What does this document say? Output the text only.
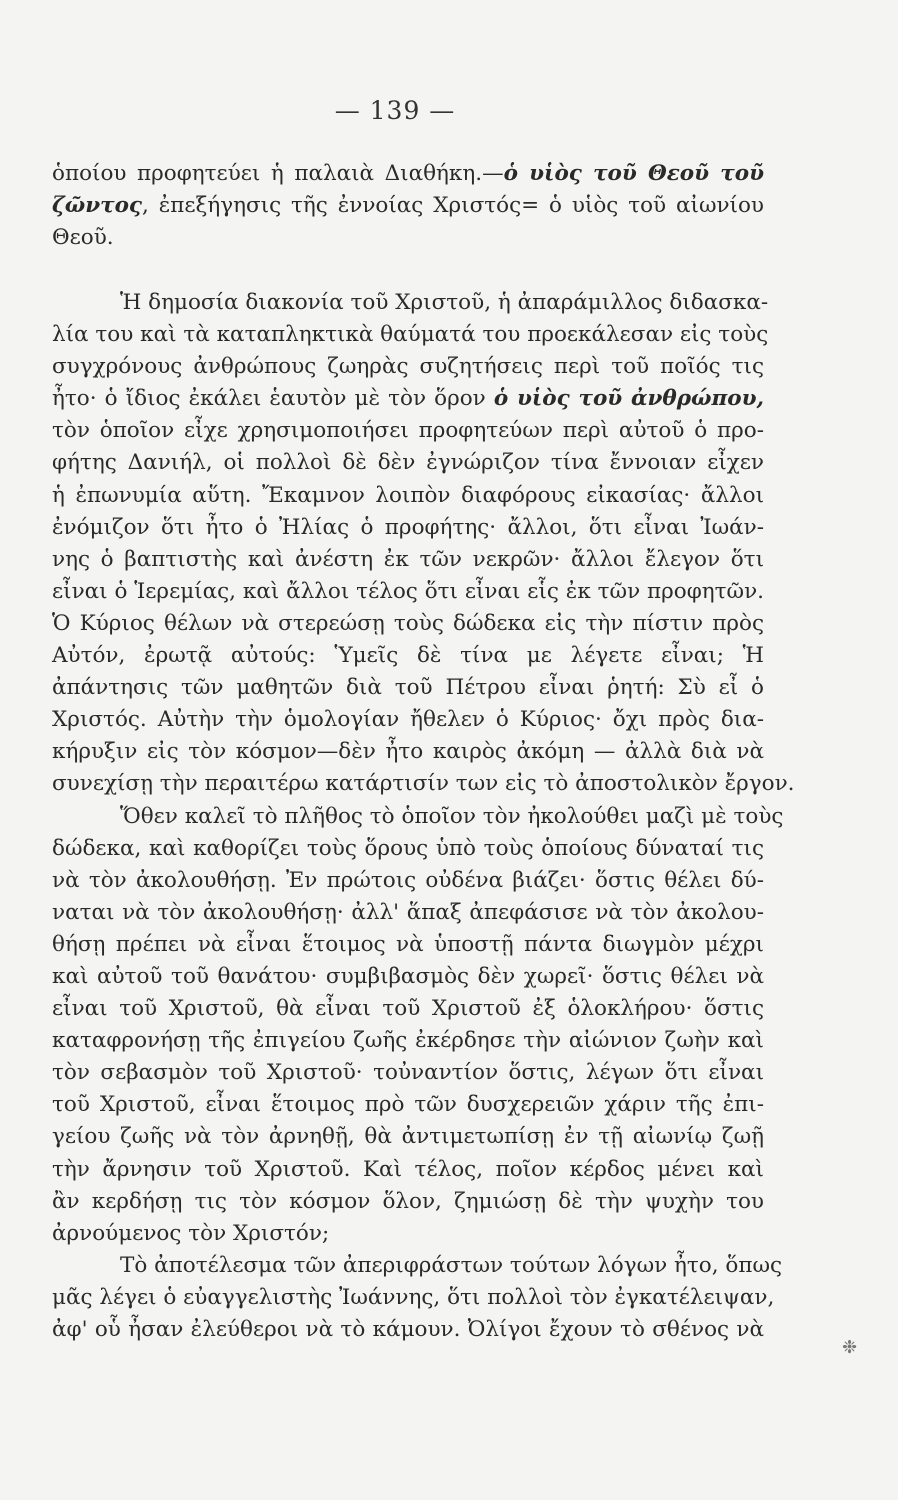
— 139 —
ὁποίου προφητεύει ἡ παλαιὰ Διαθήκη.—ὁ υἱὸς τοῦ Θεοῦ τοῦ
ζῶντος, ἐπεξήγησις τῆς ἐννοίας Χριστός= ὁ υἱὸς τοῦ αἰωνίου
Θεοῦ.
Ἡ δημοσία διακονία τοῦ Χριστοῦ, ἡ ἀπαράμιλλος διδασκα-
λία του καὶ τὰ καταπληκτικὰ θαύματά του προεκάλεσαν εἰς τοὺς
συγχρόνους ἀνθρώπους ζωηρὰς συζητήσεις περὶ τοῦ ποῖός τις
ἦτο· ὁ ἴδιος ἐκάλει ἑαυτὸν μὲ τὸν ὅρον ὁ υἱὸς τοῦ ἀνθρώπου,
τὸν ὁποῖον εἶχε χρησιμοποιήσει προφητεύων περὶ αὐτοῦ ὁ προ-
φήτης Δανιήλ, οἱ πολλοὶ δὲ δὲν ἐγνώριζον τίνα ἔννοιαν εἶχεν
ἡ ἐπωνυμία αὕτη. Ἔκαμνον λοιπὸν διαφόρους εἰκασίας· ἄλλοι
ἐνόμιζον ὅτι ἦτο ὁ Ἠλίας ὁ προφήτης· ἄλλοι, ὅτι εἶναι Ἰωάν-
νης ὁ βαπτιστὴς καὶ ἀνέστη ἐκ τῶν νεκρῶν· ἄλλοι ἔλεγον ὅτι
εἶναι ὁ Ἱερεμίας, καὶ ἄλλοι τέλος ὅτι εἶναι εἷς ἐκ τῶν προφητῶν.
Ὁ Κύριος θέλων νὰ στερεώσῃ τοὺς δώδεκα εἰς τὴν πίστιν πρὸς
Αὐτόν, ἐρωτᾷ αὐτούς: Ὑμεῖς δὲ τίνα με λέγετε εἶναι; Ἡ
ἀπάντησις τῶν μαθητῶν διὰ τοῦ Πέτρου εἶναι ῥητή: Σὺ εἶ ὁ
Χριστός. Αὐτὴν τὴν ὁμολογίαν ἤθελεν ὁ Κύριος· ὄχι πρὸς δια-
κήρυξιν εἰς τὸν κόσμον—δὲν ἦτο καιρὸς ἀκόμη — ἀλλὰ διὰ νὰ
συνεχίσῃ τὴν περαιτέρω κατάρτισίν των εἰς τὸ ἀποστολικὸν ἔργον.
Ὅθεν καλεῖ τὸ πλῆθος τὸ ὁποῖον τὸν ἠκολούθει μαζὶ μὲ τοὺς
δώδεκα, καὶ καθορίζει τοὺς ὅρους ὑπὸ τοὺς ὁποίους δύναταί τις
νὰ τὸν ἀκολουθήσῃ. Ἐν πρώτοις οὐδένα βιάζει· ὅστις θέλει δύ-
ναται νὰ τὸν ἀκολουθήσῃ· ἀλλ' ἅπαξ ἀπεφάσισε νὰ τὸν ἀκολου-
θήσῃ πρέπει νὰ εἶναι ἕτοιμος νὰ ὑποστῇ πάντα διωγμὸν μέχρι
καὶ αὐτοῦ τοῦ θανάτου· συμβιβασμὸς δὲν χωρεῖ· ὅστις θέλει νὰ
εἶναι τοῦ Χριστοῦ, θὰ εἶναι τοῦ Χριστοῦ ἐξ ὁλοκλήρου· ὅστις
καταφρονήσῃ τῆς ἐπιγείου ζωῆς ἐκέρδησε τὴν αἰώνιον ζωὴν καὶ
τὸν σεβασμὸν τοῦ Χριστοῦ· τοὐναντίον ὅστις, λέγων ὅτι εἶναι
τοῦ Χριστοῦ, εἶναι ἕτοιμος πρὸ τῶν δυσχερειῶν χάριν τῆς ἐπι-
γείου ζωῆς νὰ τὸν ἀρνηθῇ, θὰ ἀντιμετωπίσῃ ἐν τῇ αἰωνίῳ ζωῇ
τὴν ἄρνησιν τοῦ Χριστοῦ. Καὶ τέλος, ποῖον κέρδος μένει καὶ
ἂν κερδήσῃ τις τὸν κόσμον ὅλον, ζημιώσῃ δὲ τὴν ψυχὴν του
ἀρνούμενος τὸν Χριστόν;
Τὸ ἀποτέλεσμα τῶν ἀπεριφράστων τούτων λόγων ἦτο, ὅπως
μᾶς λέγει ὁ εὐαγγελιστὴς Ἰωάννης, ὅτι πολλοὶ τὸν ἐγκατέλειψαν,
ἀφ' οὗ ἦσαν ἐλεύθεροι νὰ τὸ κάμουν. Ὀλίγοι ἔχουν τὸ σθένος νὰ
❉
